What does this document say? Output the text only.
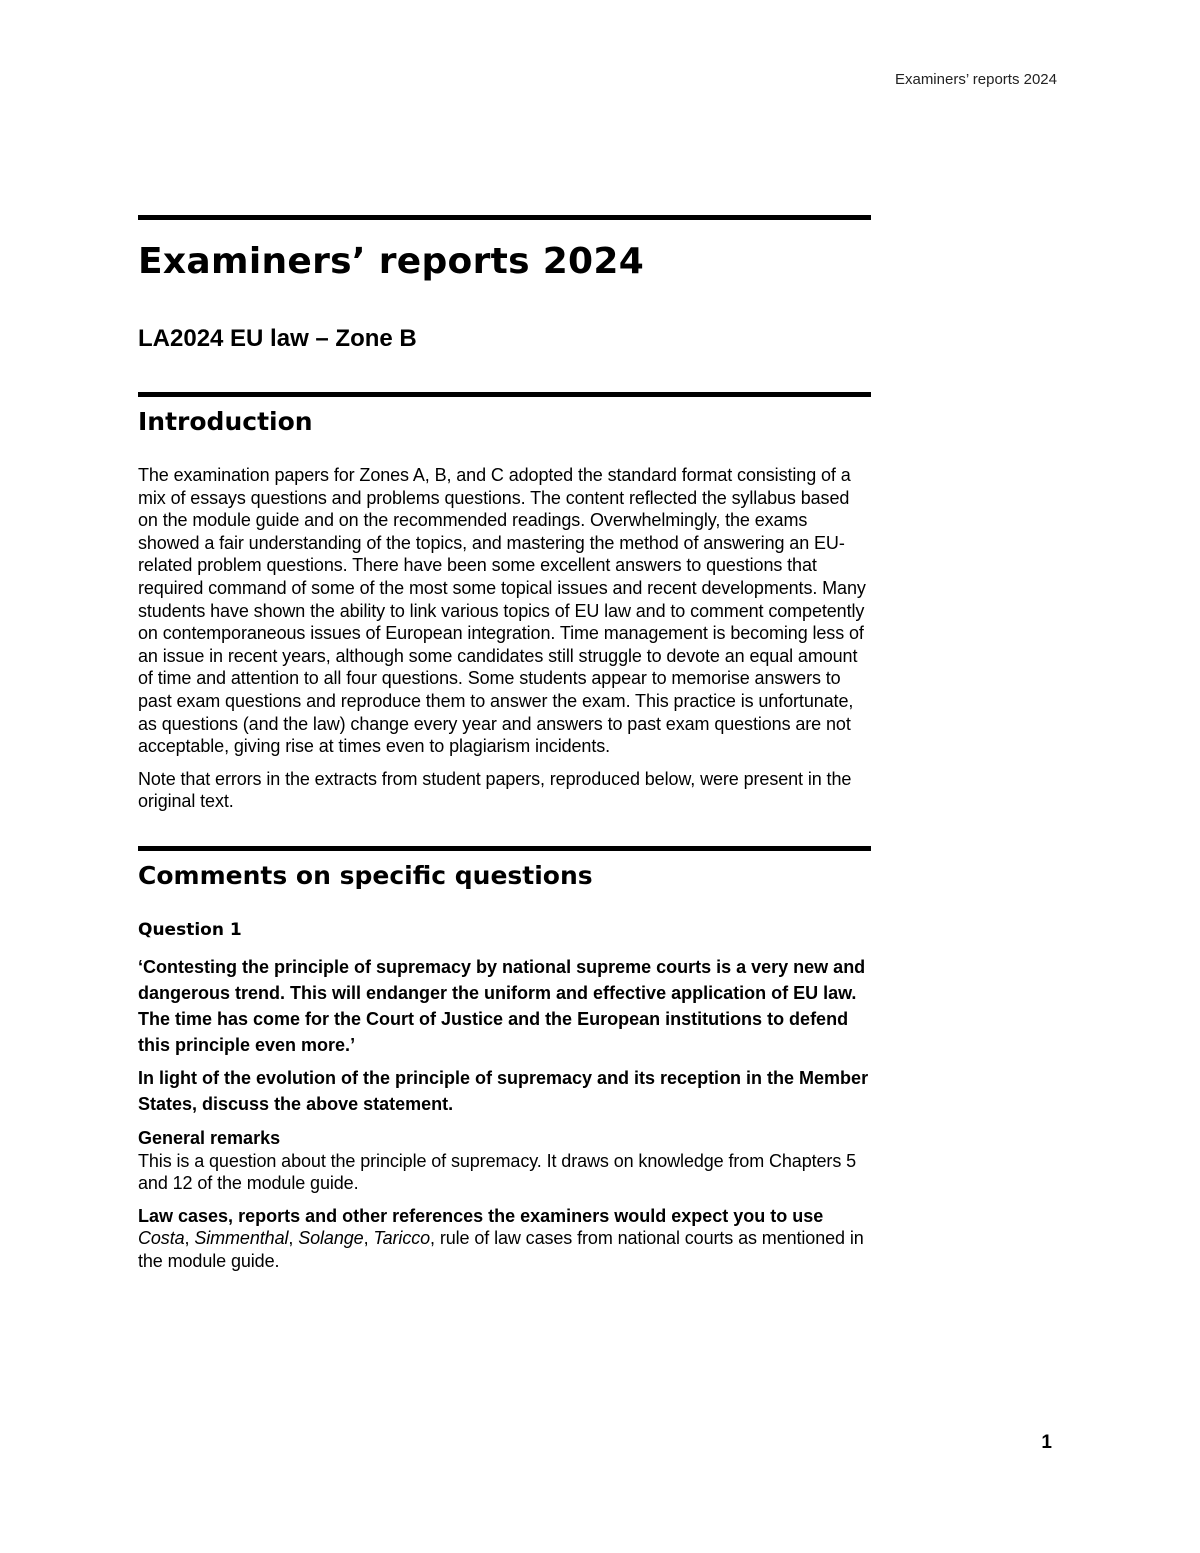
Examiners’ reports 2024
Examiners’ reports 2024
LA2024 EU law – Zone B
Introduction

The examination papers for Zones A, B, and C adopted the standard format consisting of a mix of essays questions and problems questions. The content reflected the syllabus based on the module guide and on the recommended readings. Overwhelmingly, the exams showed a fair understanding of the topics, and mastering the method of answering an EU-related problem questions. There have been some excellent answers to questions that required command of some of the most some topical issues and recent developments. Many students have shown the ability to link various topics of EU law and to comment competently on contemporaneous issues of European integration. Time management is becoming less of an issue in recent years, although some candidates still struggle to devote an equal amount of time and attention to all four questions. Some students appear to memorise answers to past exam questions and reproduce them to answer the exam. This practice is unfortunate, as questions (and the law) change every year and answers to past exam questions are not acceptable, giving rise at times even to plagiarism incidents.

Note that errors in the extracts from student papers, reproduced below, were present in the original text.

Comments on specific questions
Question 1

‘Contesting the principle of supremacy by national supreme courts is a very new and dangerous trend. This will endanger the uniform and effective application of EU law. The time has come for the Court of Justice and the European institutions to defend this principle even more.’

In light of the evolution of the principle of supremacy and its reception in the Member States, discuss the above statement.

General remarks

This is a question about the principle of supremacy. It draws on knowledge from Chapters 5 and 12 of the module guide.

Law cases, reports and other references the examiners would expect you to use

Costa, Simmenthal, Solange, Taricco, rule of law cases from national courts as mentioned in the module guide.

1
